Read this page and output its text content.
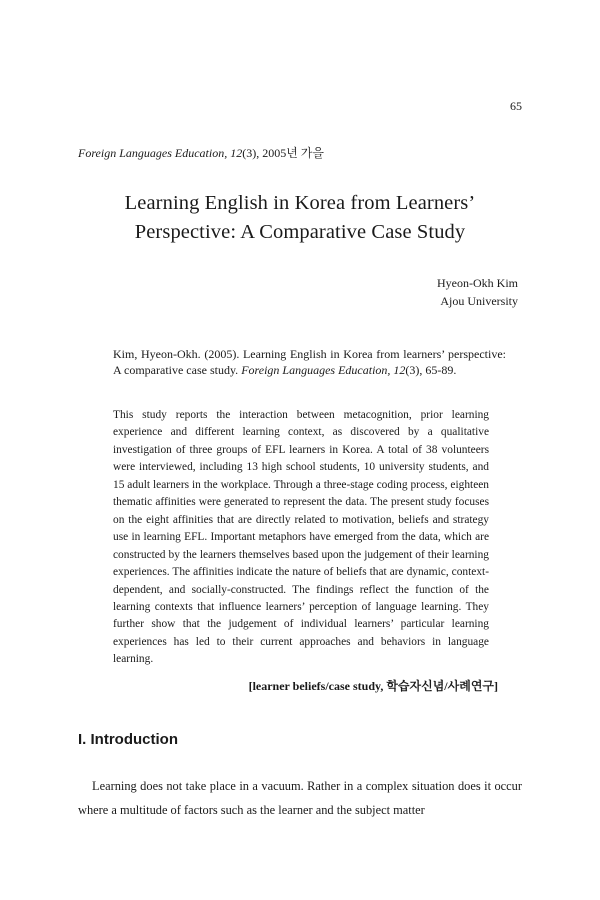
65
Foreign Languages Education, 12(3), 2005년 가을
Learning English in Korea from Learners’
Perspective: A Comparative Case Study
Hyeon-Okh Kim
Ajou University
Kim, Hyeon-Okh. (2005). Learning English in Korea from learners’ perspective: A comparative case study. Foreign Languages Education, 12(3), 65-89.

This study reports the interaction between metacognition, prior learning experience and different learning context, as discovered by a qualitative investigation of three groups of EFL learners in Korea. A total of 38 volunteers were interviewed, including 13 high school students, 10 university students, and 15 adult learners in the workplace. Through a three-stage coding process, eighteen thematic affinities were generated to represent the data. The present study focuses on the eight affinities that are directly related to motivation, beliefs and strategy use in learning EFL. Important metaphors have emerged from the data, which are constructed by the learners themselves based upon the judgement of their learning experiences. The affinities indicate the nature of beliefs that are dynamic, context-dependent, and socially-constructed. The findings reflect the function of the learning contexts that influence learners’ perception of language learning. They further show that the judgement of individual learners’ particular learning experiences has led to their current approaches and behaviors in language learning.

[learner beliefs/case study, 학습자신념/사례연구]
I. Introduction

Learning does not take place in a vacuum. Rather in a complex situation does it occur where a multitude of factors such as the learner and the subject matter
